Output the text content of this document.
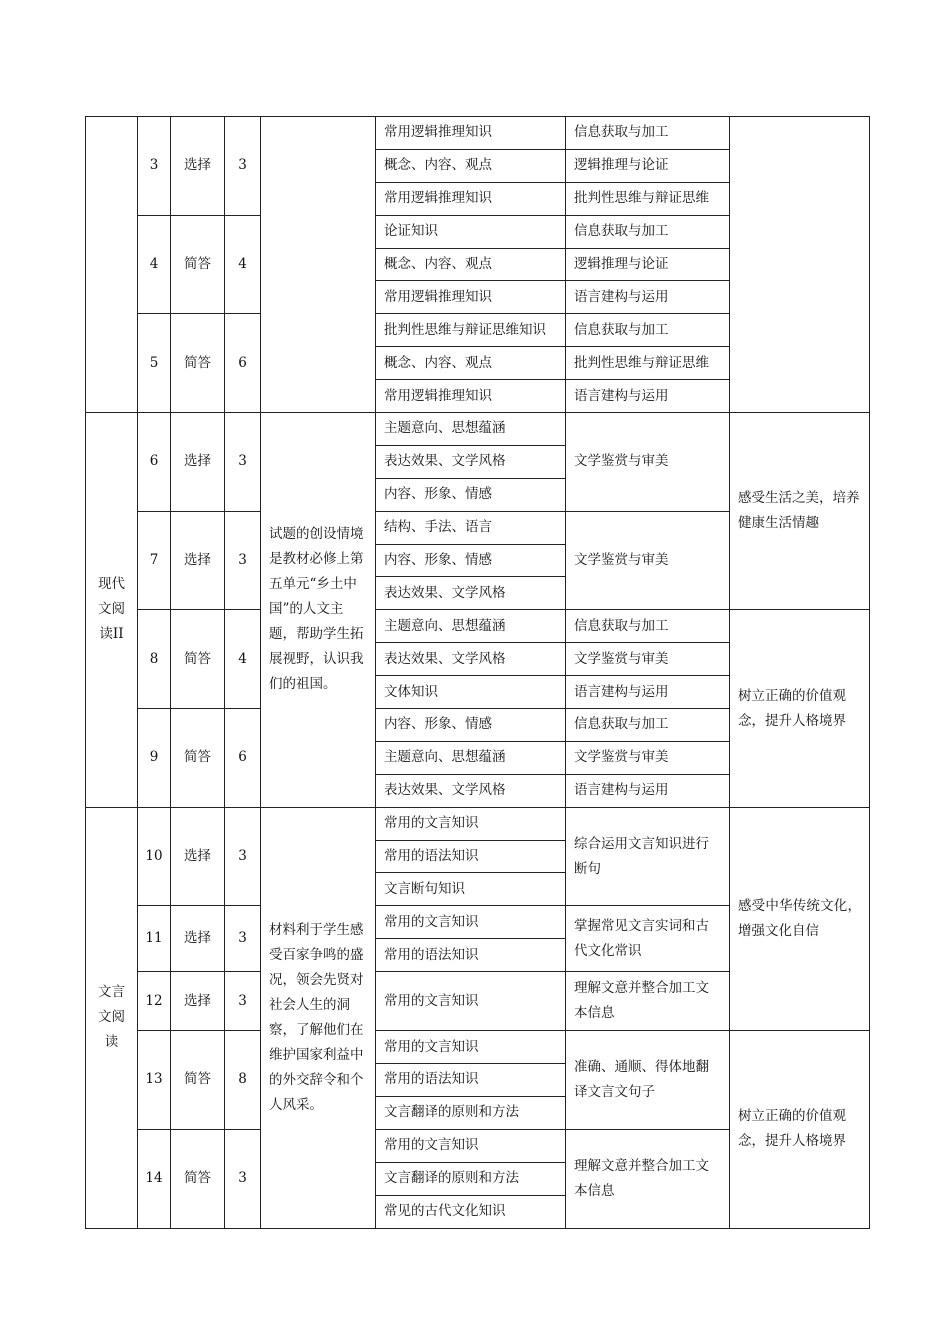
	3	选择	3		常用逻辑推理知识	信息获取与加工	
					概念、内容、观点	逻辑推理与论证	
					常用逻辑推理知识	批判性思维与辩证思维	
	4	简答	4		论证知识	信息获取与加工	
					概念、内容、观点	逻辑推理与论证	
					常用逻辑推理知识	语言建构与运用	
	5	简答	6		批判性思维与辩证思维知识	信息获取与加工	
					概念、内容、观点	批判性思维与辩证思维	
					常用逻辑推理知识	语言建构与运用	

现代文阅读II	6	选择	3	试题的创设情境是教材必修上第五单元“乡土中国”的人文主题，帮助学生拓展视野，认识我们的祖国。	主题意向、思想蕴涵	文学鉴赏与审美	感受生活之美，培养健康生活情趣
					表达效果、文学风格		
					内容、形象、情感		
	7	选择	3		结构、手法、语言	文学鉴赏与审美	
					内容、形象、情感		
					表达效果、文学风格		
	8	简答	4		主题意向、思想蕴涵	信息获取与加工	树立正确的价值观念，提升人格境界
					表达效果、文学风格	文学鉴赏与审美	
					文体知识	语言建构与运用	
	9	简答	6		内容、形象、情感	信息获取与加工	
					主题意向、思想蕴涵	文学鉴赏与审美	
					表达效果、文学风格	语言建构与运用	

文言文阅读	10	选择	3	材料利于学生感受百家争鸣的盛况，领会先贤对社会人生的洞察，了解他们在维护国家利益中的外交辞令和个人风采。	常用的文言知识	综合运用文言知识进行断句	感受中华传统文化，增强文化自信
					常用的语法知识		
					文言断句知识		
	11	选择	3		常用的文言知识	掌握常见文言实词和古代文化常识	
					常用的语法知识		
	12	选择	3		常用的文言知识	理解文意并整合加工文本信息	
	13	简答	8		常用的文言知识	准确、通顺、得体地翻译文言文句子	树立正确的价值观念，提升人格境界
					常用的语法知识		
					文言翻译的原则和方法		
	14	简答	3		常用的文言知识	理解文意并整合加工文本信息	
					文言翻译的原则和方法		
					常见的古代文化知识		
